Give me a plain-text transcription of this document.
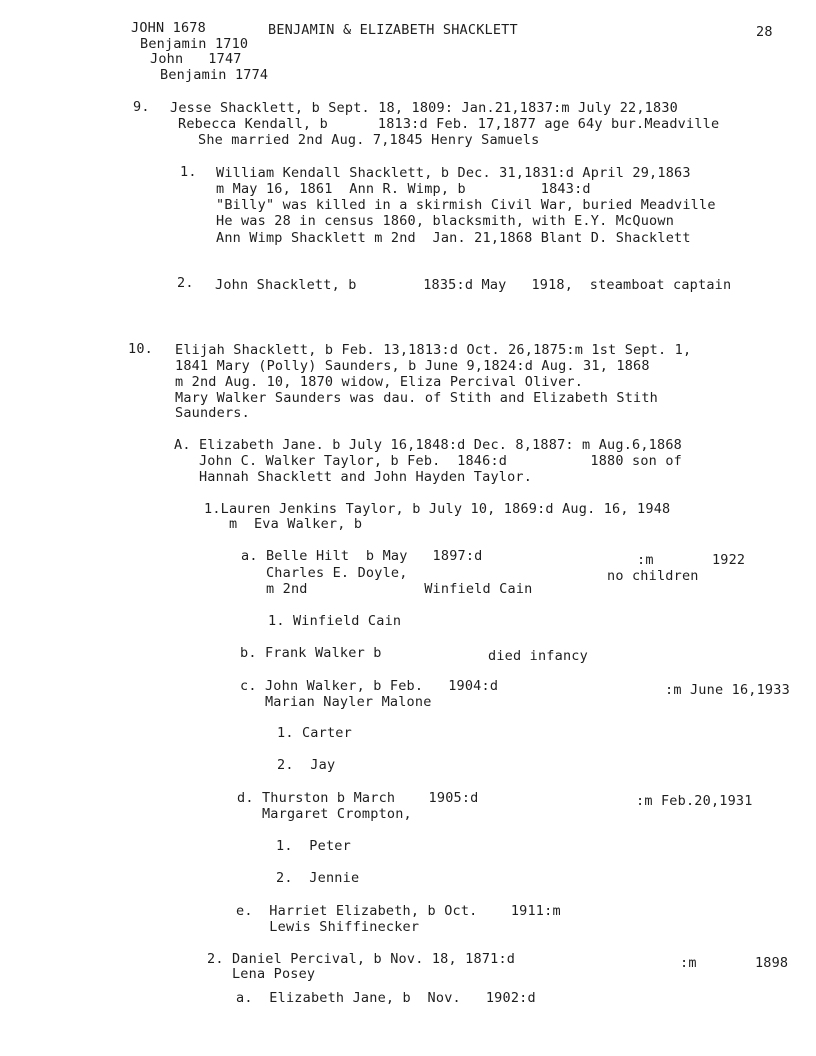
JOHN 1678	BENJAMIN & ELIZABETH SHACKLETT	28
Benjamin 1710
John   1747
Benjamin 1774
9. Jesse Shacklett, b Sept. 18, 1809: Jan.21,1837:m July 22,1830
Rebecca Kendall, b      1813:d Feb. 17,1877 age 64y bur.Meadville
She married 2nd Aug. 7,1845 Henry Samuels
1. William Kendall Shacklett, b Dec. 31,1831:d April 29,1863
m May 16, 1861  Ann R. Wimp, b         1843:d
"Billy" was killed in a skirmish Civil War, buried Meadville
He was 28 in census 1860, blacksmith, with E.Y. McQuown
Ann Wimp Shacklett m 2nd  Jan. 21,1868 Blant D. Shacklett
2. John Shacklett, b        1835:d May   1918,  steamboat captain
10. Elijah Shacklett, b Feb. 13,1813:d Oct. 26,1875:m 1st Sept. 1,
1841 Mary (Polly) Saunders, b June 9,1824:d Aug. 31, 1868
m 2nd Aug. 10, 1870 widow, Eliza Percival Oliver.
Mary Walker Saunders was dau. of Stith and Elizabeth Stith
Saunders.
A. Elizabeth Jane. b July 16,1848:d Dec. 8,1887: m Aug.6,1868
John C. Walker Taylor, b Feb.  1846:d          1880 son of
Hannah Shacklett and John Hayden Taylor.
1.Lauren Jenkins Taylor, b July 10, 1869:d Aug. 16, 1948
m  Eva Walker, b
a. Belle Hilt  b May   1897:d	:m       1922
Charles E. Doyle,	no children
m 2nd              Winfield Cain
1. Winfield Cain
b. Frank Walker b	died infancy
c. John Walker, b Feb.   1904:d	:m June 16,1933
Marian Nayler Malone
1. Carter
2.  Jay
d. Thurston b March    1905:d	:m Feb.20,1931
Margaret Crompton,
1.  Peter
2.  Jennie
e.  Harriet Elizabeth, b Oct.    1911:m
Lewis Shiffinecker
2. Daniel Percival, b Nov. 18, 1871:d	:m       1898
Lena Posey
a.  Elizabeth Jane, b  Nov.   1902:d
